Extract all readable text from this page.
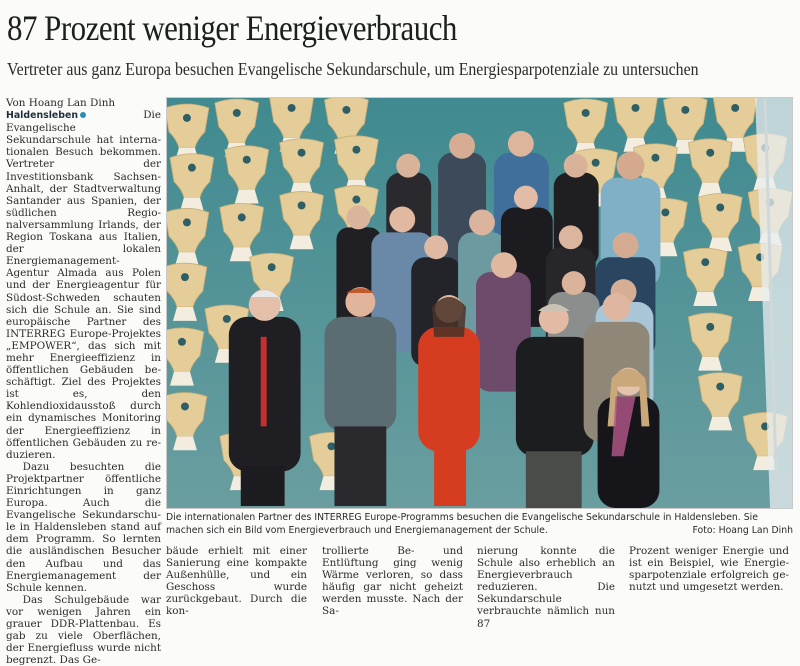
87 Prozent weniger Energieverbrauch
Vertreter aus ganz Europa besuchen Evangelische Sekundarschule, um Energiesparpotenziale zu untersuchen

Von Hoang Lan Dinh

Haldensleben	Die Evangelische Sekundarschule hat internationalen Besuch bekommen. Vertreter der Investitionsbank Sachsen-Anhalt, der Stadtverwaltung Santander aus Spanien, der südlichen Regionalversammlung Irlands, der Region Toskana aus Italien, der lokalen Energiemanagement-Agentur Almada aus Polen und der Energieagentur für Südost-Schweden schauten sich die Schule an. Sie sind europäische Partner des INTERREG Europe-Projektes „EMPOWER“, das sich mit mehr Energieeffizienz in öffentlichen Gebäuden beschäftigt. Ziel des Projektes ist es, den Kohlendioxidausstoß durch ein dynamisches Monitoring der Energieeffizienz in öffentlichen Gebäuden zu reduzieren.

Dazu besuchten die Projektpartner öffentliche Einrichtungen in ganz Europa. Auch die Evangelische Sekundarschule in Haldensleben stand auf dem Programm. So lernten die ausländischen Besucher den Aufbau und das Energiemanagement der Schule kennen.

Das Schulgebäude war vor wenigen Jahren ein grauer DDR-Plattenbau. Es gab zu viele Oberflächen, der Energiefluss wurde nicht begrenzt. Das Ge-

Die internationalen Partner des INTERREG Europe-Programms besuchen die Evangelische Sekundarschule in Haldensleben. Sie machen sich ein Bild vom Energieverbrauch und Energiemanagement der Schule.	Foto: Hoang Lan Dinh

bäude erhielt mit einer Sanierung eine kompakte Außenhülle, und ein Geschoss wurde zurückgebaut. Durch die kon-

trollierte Be- und Entlüftung ging wenig Wärme verloren, so dass häufig gar nicht geheizt werden musste. Nach der Sa-

nierung konnte die Schule also erheblich an Energieverbrauch reduzieren. Die Sekundarschule verbrauchte nämlich nun 87

Prozent weniger Energie und ist ein Beispiel, wie Energiesparpotenziale erfolgreich genutzt und umgesetzt werden.
